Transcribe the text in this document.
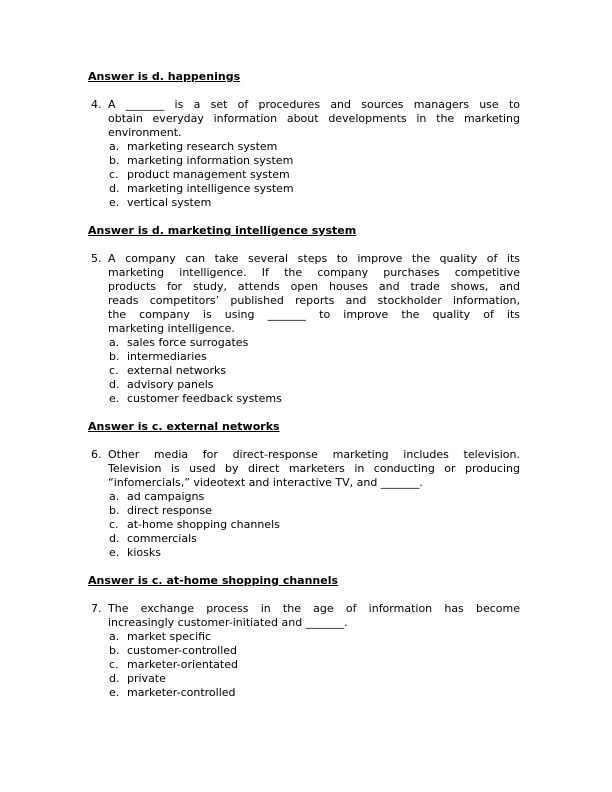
Answer is d. happenings
4. A _______ is a set of procedures and sources managers use to
obtain everyday information about developments in the marketing
environment.
a. marketing research system
b. marketing information system
c. product management system
d. marketing intelligence system
e. vertical system
Answer is d. marketing intelligence system
5. A company can take several steps to improve the quality of its
marketing intelligence. If the company purchases competitive
products for study, attends open houses and trade shows, and
reads competitors’ published reports and stockholder information,
the company is using _______ to improve the quality of its
marketing intelligence.
a. sales force surrogates
b. intermediaries
c. external networks
d. advisory panels
e. customer feedback systems
Answer is c. external networks
6. Other media for direct-response marketing includes television.
Television is used by direct marketers in conducting or producing
“infomercials,” videotext and interactive TV, and _______.
a. ad campaigns
b. direct response
c. at-home shopping channels
d. commercials
e. kiosks
Answer is c. at-home shopping channels
7. The exchange process in the age of information has become
increasingly customer-initiated and _______.
a. market specific
b. customer-controlled
c. marketer-orientated
d. private
e. marketer-controlled
